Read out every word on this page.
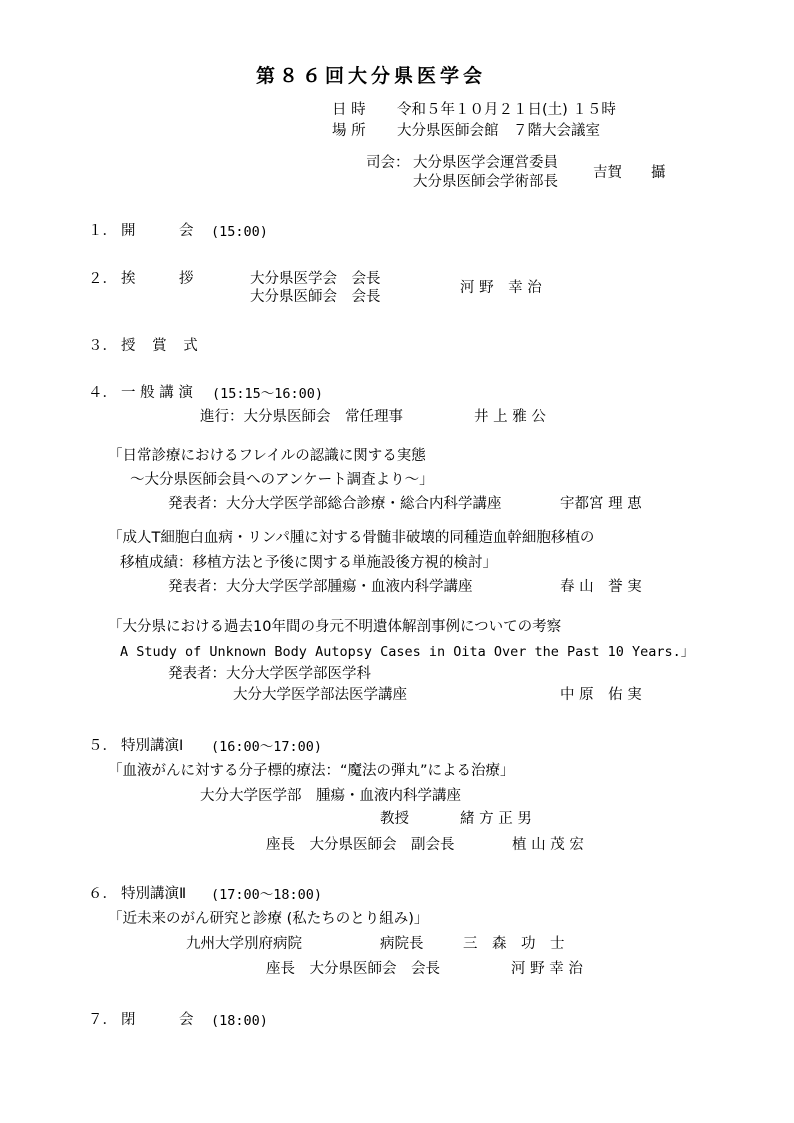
第８６回大分県医学会
日 時 令和５年１０月２１日(土) １５時
場 所 大分県医師会館　７階大会議室
司会： 大分県医学会運営委員
大分県医師会学術部長
吉賀　　攝
１． 開　　　会 (15:00)
２． 挨　　　拶	大分県医学会　会長
大分県医師会　会長
河 野　幸 治
３． 授 賞 式
４． 一 般 講 演 (15:15～16:00)
進行：大分県医師会　常任理事	井 上 雅 公
「日常診療におけるフレイルの認識に関する実態
～大分県医師会員へのアンケート調査より～」
発表者：大分大学医学部総合診療・総合内科学講座	宇都宮 理 恵
「成人T細胞白血病・リンパ腫に対する骨髄非破壊的同種造血幹細胞移植の
移植成績：移植方法と予後に関する単施設後方視的検討」
発表者：大分大学医学部腫瘍・血液内科学講座	春 山　誉 実
「大分県における過去10年間の身元不明遺体解剖事例についての考察
A Study of Unknown Body Autopsy Cases in Oita Over the Past 10 Years.」
発表者：大分大学医学部医学科
大分大学医学部法医学講座	中 原　佑 実
５． 特別講演Ⅰ (16:00～17:00)
「血液がんに対する分子標的療法：“魔法の弾丸”による治療」
大分大学医学部　腫瘍・血液内科学講座
教授	緒 方 正 男
座長　大分県医師会　副会長	植 山 茂 宏
６． 特別講演Ⅱ (17:00～18:00)
「近未来のがん研究と診療 (私たちのとり組み)」
九州大学別府病院	病院長	三　森　功　士
座長　大分県医師会　会長	河 野 幸 治
７． 閉　　　会 (18:00)
